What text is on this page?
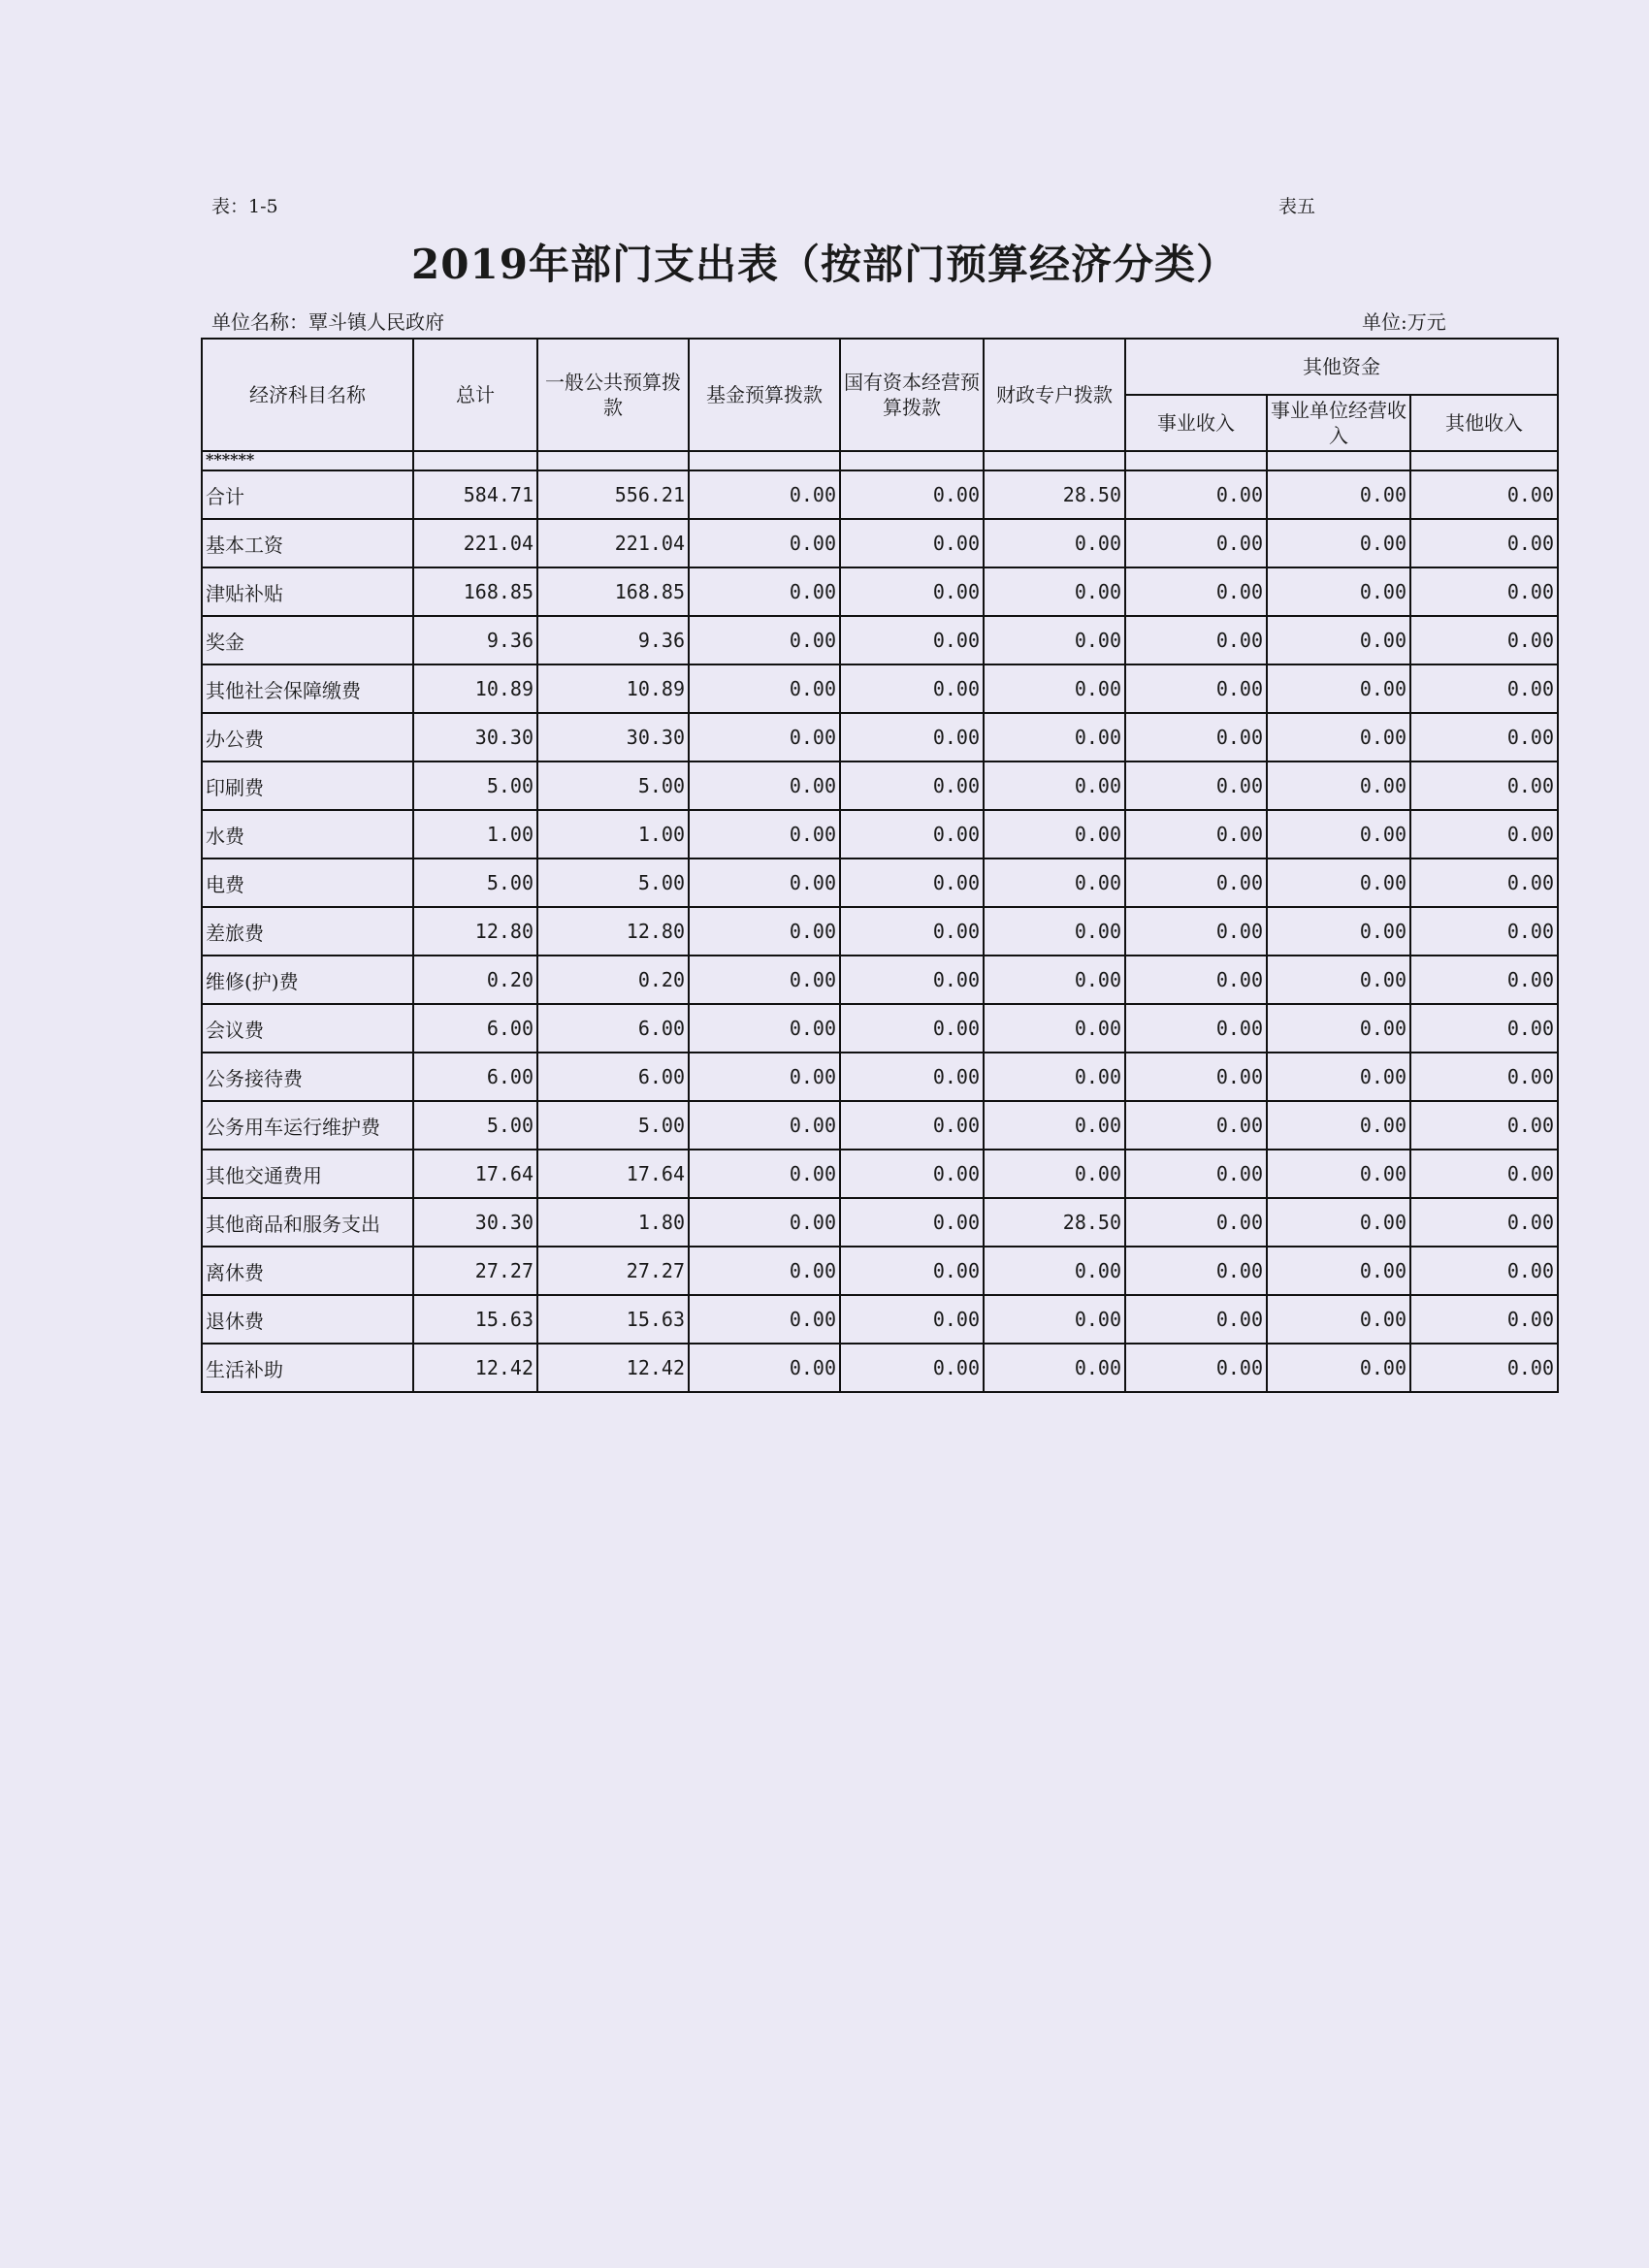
表：1-5	表五
2019年部门支出表（按部门预算经济分类）
单位名称：覃斗镇人民政府	单位:万元
经济科目名称	总计	一般公共预算拨款	基金预算拨款	国有资本经营预算拨款	财政专户拨款	其他资金		
						事业收入	事业单位经营收入	其他收入
******								
合计	584.71	556.21	0.00	0.00	28.50	0.00	0.00	0.00
基本工资	221.04	221.04	0.00	0.00	0.00	0.00	0.00	0.00
津贴补贴	168.85	168.85	0.00	0.00	0.00	0.00	0.00	0.00
奖金	9.36	9.36	0.00	0.00	0.00	0.00	0.00	0.00
其他社会保障缴费	10.89	10.89	0.00	0.00	0.00	0.00	0.00	0.00
办公费	30.30	30.30	0.00	0.00	0.00	0.00	0.00	0.00
印刷费	5.00	5.00	0.00	0.00	0.00	0.00	0.00	0.00
水费	1.00	1.00	0.00	0.00	0.00	0.00	0.00	0.00
电费	5.00	5.00	0.00	0.00	0.00	0.00	0.00	0.00
差旅费	12.80	12.80	0.00	0.00	0.00	0.00	0.00	0.00
维修(护)费	0.20	0.20	0.00	0.00	0.00	0.00	0.00	0.00
会议费	6.00	6.00	0.00	0.00	0.00	0.00	0.00	0.00
公务接待费	6.00	6.00	0.00	0.00	0.00	0.00	0.00	0.00
公务用车运行维护费	5.00	5.00	0.00	0.00	0.00	0.00	0.00	0.00
其他交通费用	17.64	17.64	0.00	0.00	0.00	0.00	0.00	0.00
其他商品和服务支出	30.30	1.80	0.00	0.00	28.50	0.00	0.00	0.00
离休费	27.27	27.27	0.00	0.00	0.00	0.00	0.00	0.00
退休费	15.63	15.63	0.00	0.00	0.00	0.00	0.00	0.00
生活补助	12.42	12.42	0.00	0.00	0.00	0.00	0.00	0.00
